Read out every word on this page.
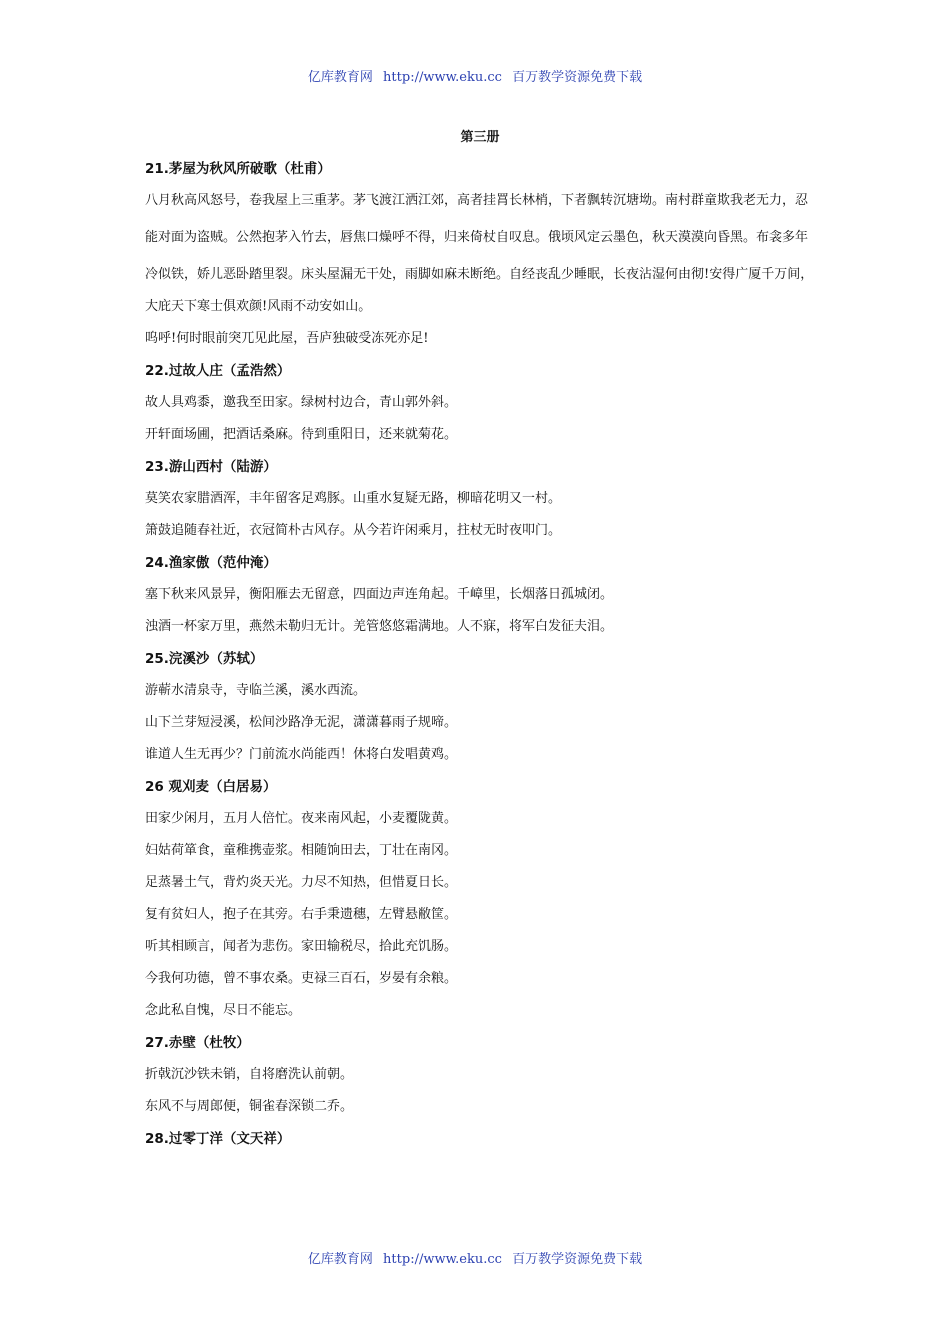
亿库教育网 http://www.eku.cc 百万教学资源免费下载
第三册
21.茅屋为秋风所破歌（杜甫）
八月秋高风怒号，卷我屋上三重茅。茅飞渡江洒江郊，高者挂罥长林梢，下者飘转沉塘坳。南村群童欺我老无力，忍能对面为盗贼。公然抱茅入竹去，唇焦口燥呼不得，归来倚杖自叹息。俄顷风定云墨色，秋天漠漠向昏黑。布衾多年冷似铁，娇儿恶卧踏里裂。床头屋漏无干处，雨脚如麻未断绝。自经丧乱少睡眠，长夜沾湿何由彻!安得广厦千万间，
大庇天下寒士俱欢颜!风雨不动安如山。
呜呼!何时眼前突兀见此屋，吾庐独破受冻死亦足!
22.过故人庄（孟浩然）
故人具鸡黍，邀我至田家。绿树村边合，青山郭外斜。
开轩面场圃，把酒话桑麻。待到重阳日，还来就菊花。
23.游山西村（陆游）
莫笑农家腊酒浑，丰年留客足鸡豚。山重水复疑无路，柳暗花明又一村。
箫鼓追随春社近，衣冠简朴古风存。从今若许闲乘月，拄杖无时夜叩门。
24.渔家傲（范仲淹）
塞下秋来风景异，衡阳雁去无留意，四面边声连角起。千嶂里，长烟落日孤城闭。
浊酒一杯家万里，燕然未勒归无计。羌管悠悠霜满地。人不寐，将军白发征夫泪。
25.浣溪沙（苏轼）
游蕲水清泉寺，寺临兰溪，溪水西流。
山下兰芽短浸溪，松间沙路净无泥，潇潇暮雨子规啼。
谁道人生无再少？门前流水尚能西！休将白发唱黄鸡。
26 观刈麦（白居易）
田家少闲月，五月人倍忙。夜来南风起，小麦覆陇黄。
妇姑荷箪食，童稚携壶浆。相随饷田去，丁壮在南冈。
足蒸暑土气，背灼炎天光。力尽不知热，但惜夏日长。
复有贫妇人，抱子在其旁。右手秉遗穗，左臂悬敝筐。
听其相顾言，闻者为悲伤。家田输税尽，拾此充饥肠。
今我何功德，曾不事农桑。吏禄三百石，岁晏有余粮。
念此私自愧，尽日不能忘。
27.赤壁（杜牧）
折戟沉沙铁未销，自将磨洗认前朝。
东风不与周郎便，铜雀春深锁二乔。
28.过零丁洋（文天祥）
亿库教育网 http://www.eku.cc 百万教学资源免费下载
